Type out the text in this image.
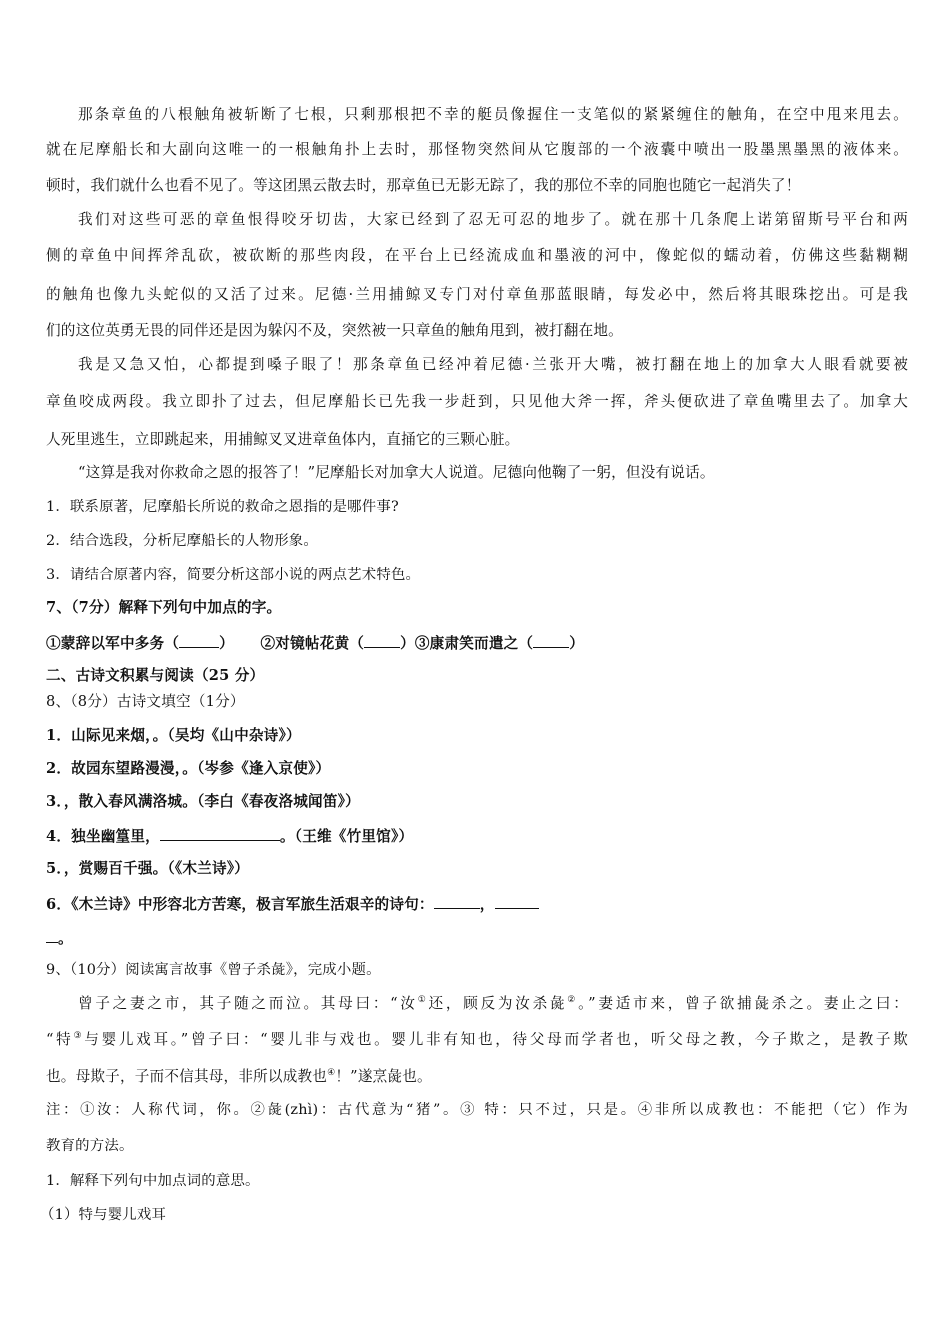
那条章鱼的八根触角被斩断了七根，只剩那根把不幸的艇员像握住一支笔似的紧紧缠住的触角，在空中甩来甩去。
就在尼摩船长和大副向这唯一的一根触角扑上去时，那怪物突然间从它腹部的一个液囊中喷出一股墨黑墨黑的液体来。
顿时，我们就什么也看不见了。等这团黑云散去时，那章鱼已无影无踪了，我的那位不幸的同胞也随它一起消失了！
我们对这些可恶的章鱼恨得咬牙切齿，大家已经到了忍无可忍的地步了。就在那十几条爬上诺第留斯号平台和两
侧的章鱼中间挥斧乱砍，被砍断的那些肉段，在平台上已经流成血和墨液的河中，像蛇似的蠕动着，仿佛这些黏糊糊
的触角也像九头蛇似的又活了过来。尼德·兰用捕鲸叉专门对付章鱼那蓝眼睛，每发必中，然后将其眼珠挖出。可是我
们的这位英勇无畏的同伴还是因为躲闪不及，突然被一只章鱼的触角甩到，被打翻在地。
我是又急又怕，心都提到嗓子眼了！那条章鱼已经冲着尼德·兰张开大嘴，被打翻在地上的加拿大人眼看就要被
章鱼咬成两段。我立即扑了过去，但尼摩船长已先我一步赶到，只见他大斧一挥，斧头便砍进了章鱼嘴里去了。加拿大
人死里逃生，立即跳起来，用捕鲸叉叉进章鱼体内，直捅它的三颗心脏。
“这算是我对你救命之恩的报答了！”尼摩船长对加拿大人说道。尼德向他鞠了一躬，但没有说话。
1．联系原著，尼摩船长所说的救命之恩指的是哪件事?
2．结合选段，分析尼摩船长的人物形象。
3．请结合原著内容，简要分析这部小说的两点艺术特色。
7、（7分）解释下列句中加点的字。
①蒙辞以军中多务（	） ②对镜帖花黄（ ）③康肃笑而遣之（ ）
二、古诗文积累与阅读（25 分）
8、（8分）古诗文填空（1分）
1．山际见来烟，。（吴均《山中杂诗》）
2．故园东望路漫漫，。（岑参《逢入京使》）
3．，散入春风满洛城。（李白《春夜洛城闻笛》）
4．独坐幽篁里，	。（王维《竹里馆》）
5．，赏赐百千强。（《木兰诗》）
6．《木兰诗》中形容北方苦寒，极言军旅生活艰辛的诗句：	，
。
9、（10分）阅读寓言故事《曾子杀彘》，完成小题。
曾子之妻之市，其子随之而泣。其母曰：“汝①还，顾反为汝杀彘②。”妻适市来，曾子欲捕彘杀之。妻止之曰：
“特③与婴儿戏耳。”曾子曰：“婴儿非与戏也。婴儿非有知也，待父母而学者也，听父母之教，今子欺之，是教子欺
也。母欺子，子而不信其母，非所以成教也④！”遂烹彘也。
注：①汝：人称代词，你。②彘(zhì)：古代意为“猪”。③ 特：只不过，只是。④非所以成教也：不能把（它）作为
教育的方法。
1．解释下列句中加点词的意思。
（1）特与婴儿戏耳
